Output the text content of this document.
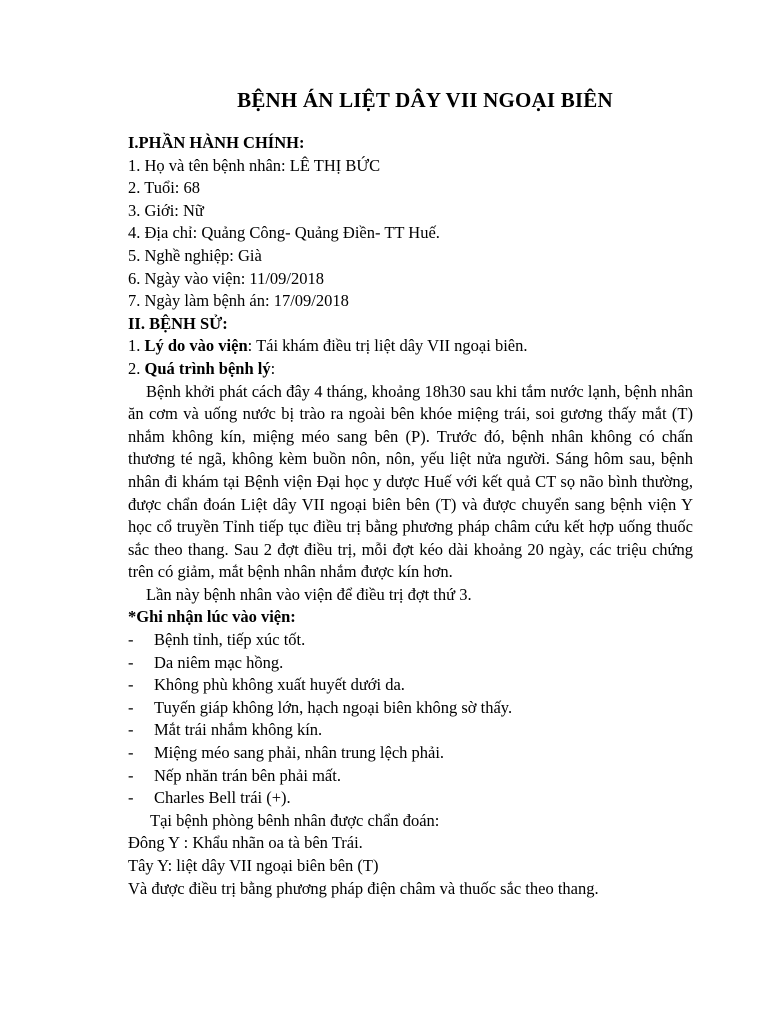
BỆNH ÁN LIỆT DÂY VII NGOẠI BIÊN

I.PHẦN HÀNH CHÍNH:

1. Họ và tên bệnh nhân: LÊ THỊ BỨC

2. Tuổi: 68

3. Giới: Nữ

4. Địa chỉ: Quảng Công- Quảng Điền- TT Huế.

5. Nghề nghiệp: Già

6. Ngày vào viện: 11/09/2018

7. Ngày làm bệnh án: 17/09/2018

II. BỆNH SỬ:

1. Lý do vào viện: Tái khám điều trị liệt dây VII ngoại biên.

2. Quá trình bệnh lý:

Bệnh khởi phát cách đây 4 tháng, khoảng 18h30 sau khi tắm nước lạnh, bệnh nhân ăn cơm và uống nước bị trào ra ngoài bên khóe miệng trái, soi gương thấy mắt (T) nhắm không kín, miệng méo sang bên (P). Trước đó, bệnh nhân không có chấn thương té ngã, không kèm buồn nôn, nôn, yếu liệt nửa người. Sáng hôm sau, bệnh nhân đi khám tại Bệnh viện Đại học y dược Huế với kết quả CT sọ não bình thường, được chẩn đoán Liệt dây VII ngoại biên bên (T) và được chuyển sang bệnh viện Y học cổ truyền Tỉnh tiếp tục điều trị bằng phương pháp châm cứu kết hợp uống thuốc sắc theo thang. Sau 2 đợt điều trị, mỗi đợt kéo dài khoảng 20 ngày, các triệu chứng trên có giảm, mắt bệnh nhân nhắm được kín hơn.

Lần này bệnh nhân vào viện để điều trị đợt thứ 3.

*Ghi nhận lúc vào viện:

-	Bệnh tỉnh, tiếp xúc tốt.
-	Da niêm mạc hồng.
-	Không phù không xuất huyết dưới da.
-	Tuyến giáp không lớn, hạch ngoại biên không sờ thấy.
-	Mắt trái nhắm không kín.
-	Miệng méo sang phải, nhân trung lệch phải.
-	Nếp nhăn trán bên phải mất.
-	Charles Bell trái (+).

Tại bệnh phòng bênh nhân được chẩn đoán:

Đông Y : Khẩu nhãn oa tà bên Trái.

Tây Y: liệt dây VII ngoại biên bên (T)

Và được điều trị bằng phương pháp điện châm và thuốc sắc theo thang.
